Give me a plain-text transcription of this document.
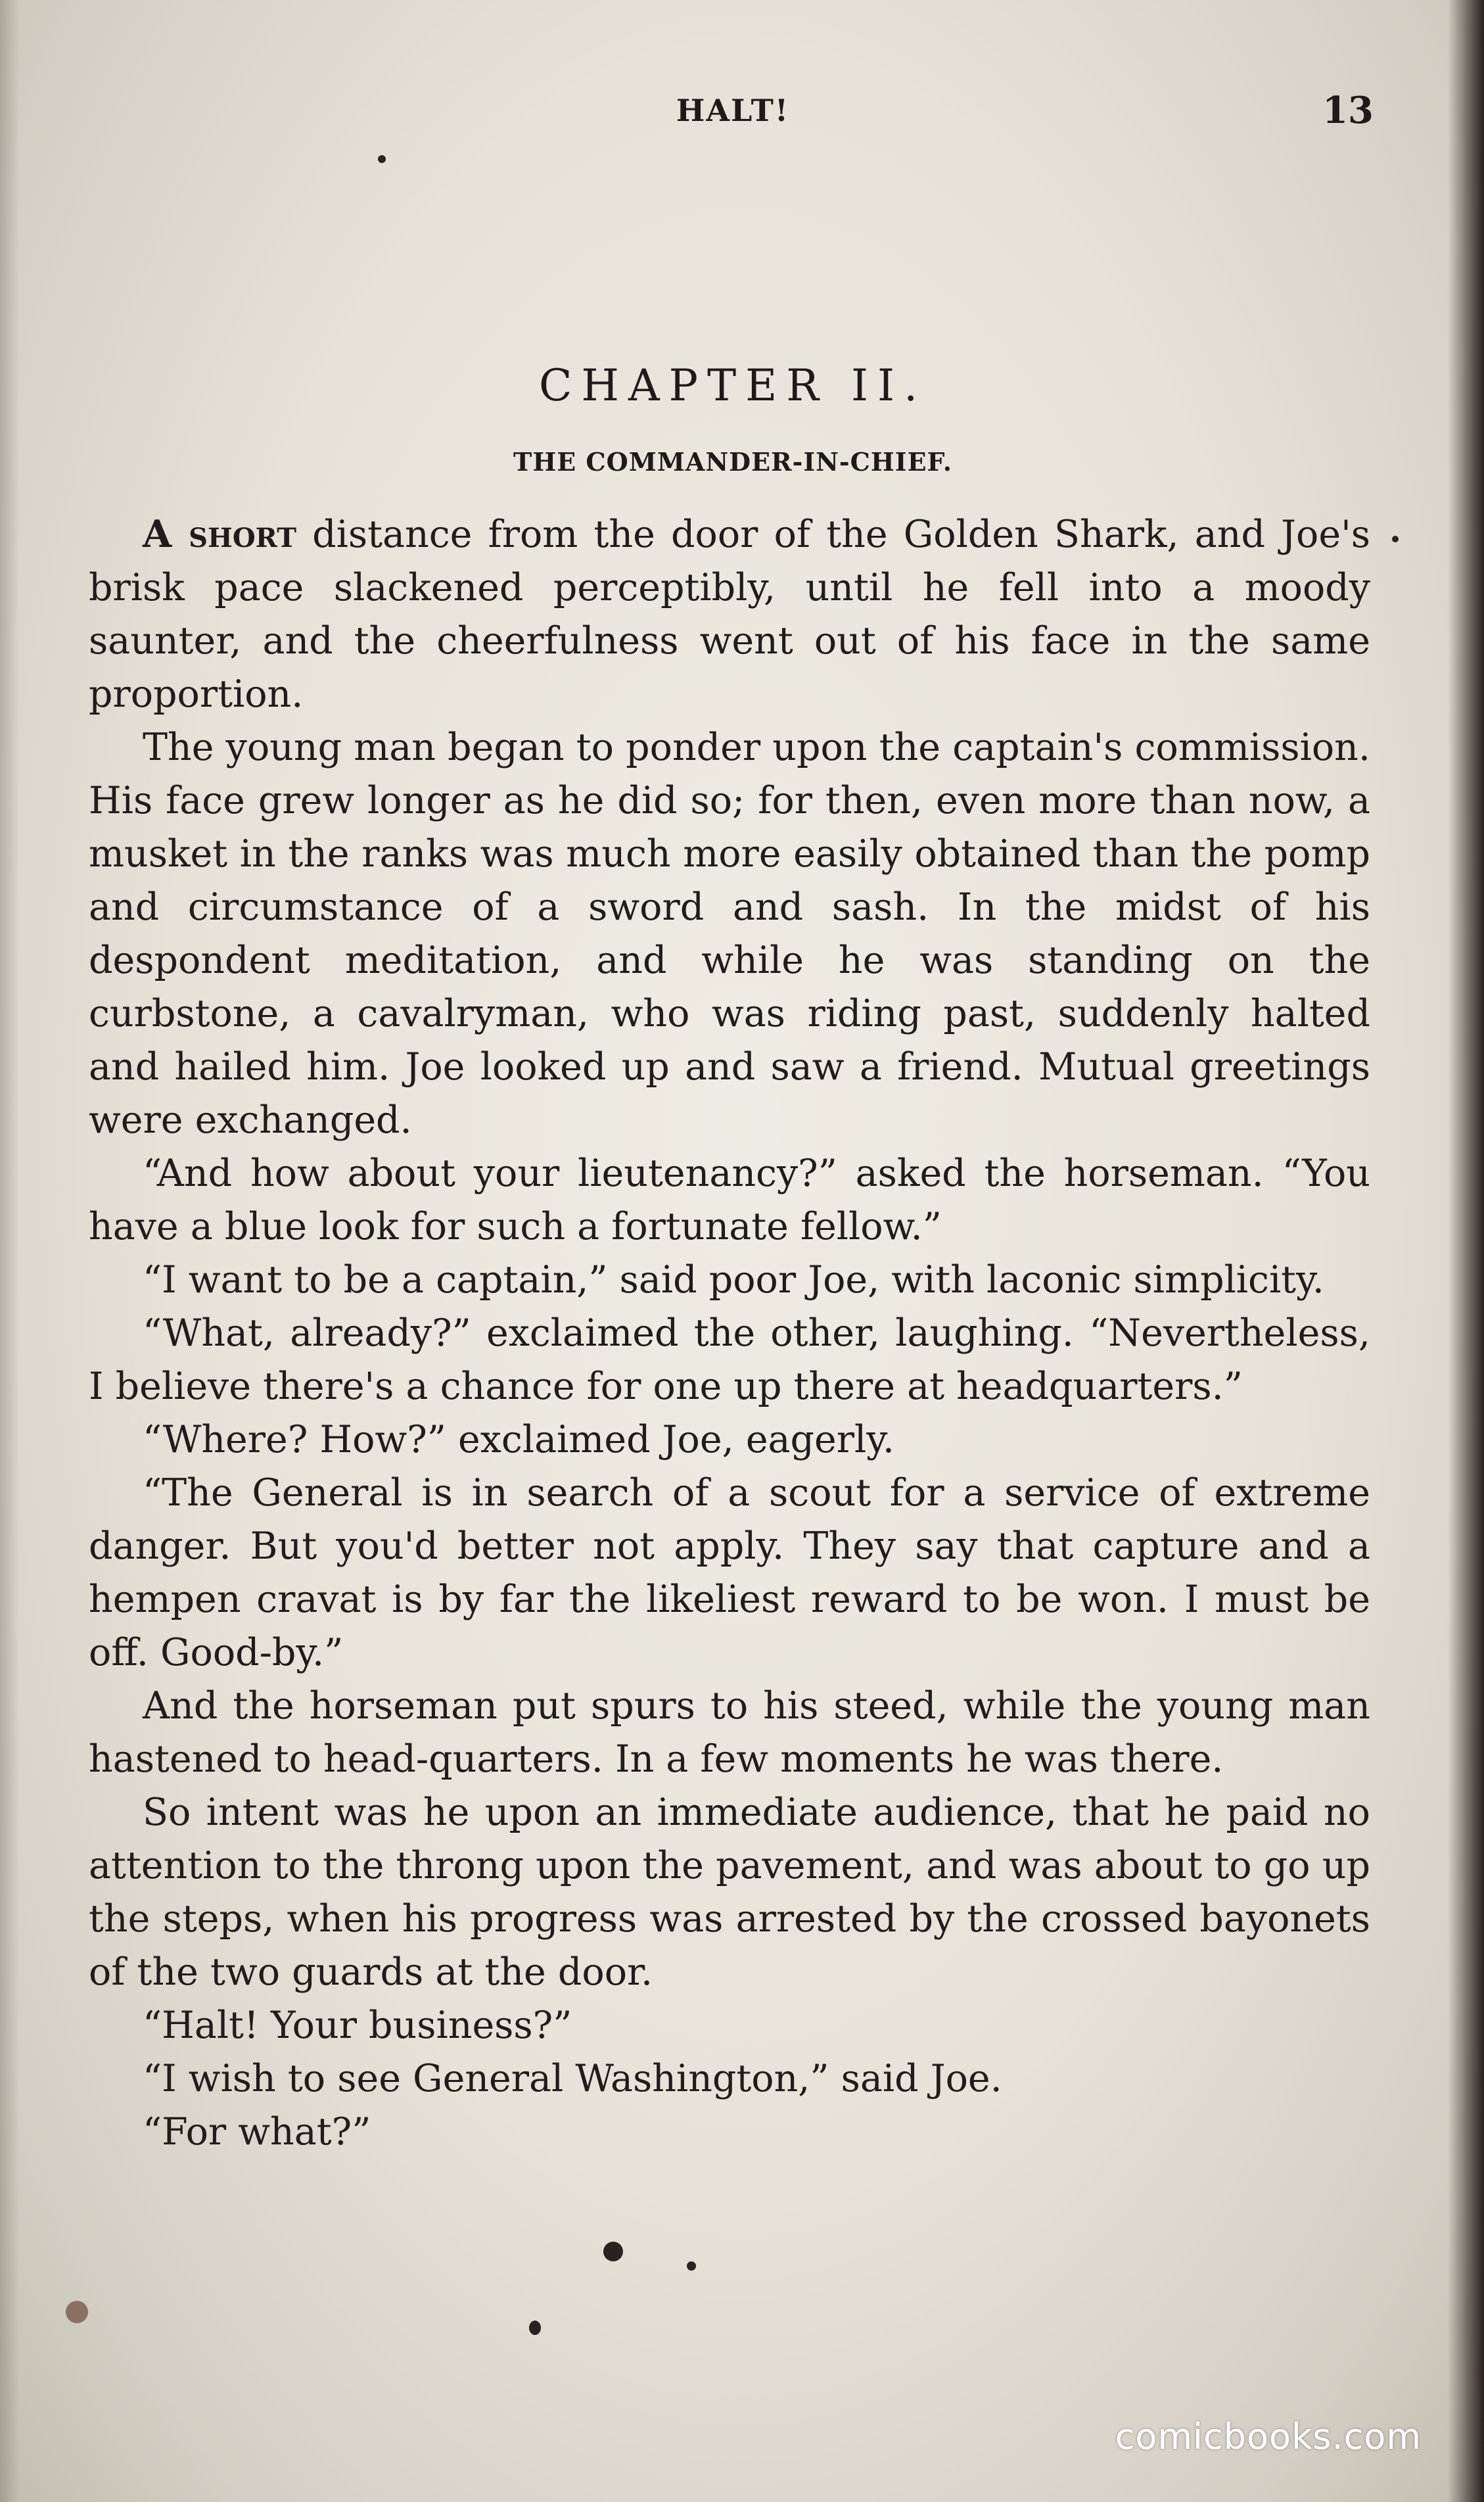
HALT!	13
CHAPTER II.
THE COMMANDER-IN-CHIEF.

A short distance from the door of the Golden Shark, and Joe's brisk pace slackened perceptibly, until he fell into a moody saunter, and the cheerfulness went out of his face in the same proportion.

The young man began to ponder upon the captain's commission. His face grew longer as he did so; for then, even more than now, a musket in the ranks was much more easily obtained than the pomp and circumstance of a sword and sash. In the midst of his despondent meditation, and while he was standing on the curbstone, a cavalryman, who was riding past, suddenly halted and hailed him. Joe looked up and saw a friend. Mutual greetings were exchanged.

“And how about your lieutenancy?” asked the horseman. “You have a blue look for such a fortunate fellow.”

“I want to be a captain,” said poor Joe, with laconic simplicity.

“What, already?” exclaimed the other, laughing. “Nevertheless, I believe there's a chance for one up there at headquarters.”

“Where? How?” exclaimed Joe, eagerly.

“The General is in search of a scout for a service of extreme danger. But you'd better not apply. They say that capture and a hempen cravat is by far the likeliest reward to be won. I must be off. Good-by.”

And the horseman put spurs to his steed, while the young man hastened to head-quarters. In a few moments he was there.

So intent was he upon an immediate audience, that he paid no attention to the throng upon the pavement, and was about to go up the steps, when his progress was arrested by the crossed bayonets of the two guards at the door.

“Halt! Your business?”

“I wish to see General Washington,” said Joe.

“For what?”

comicbooks.com
